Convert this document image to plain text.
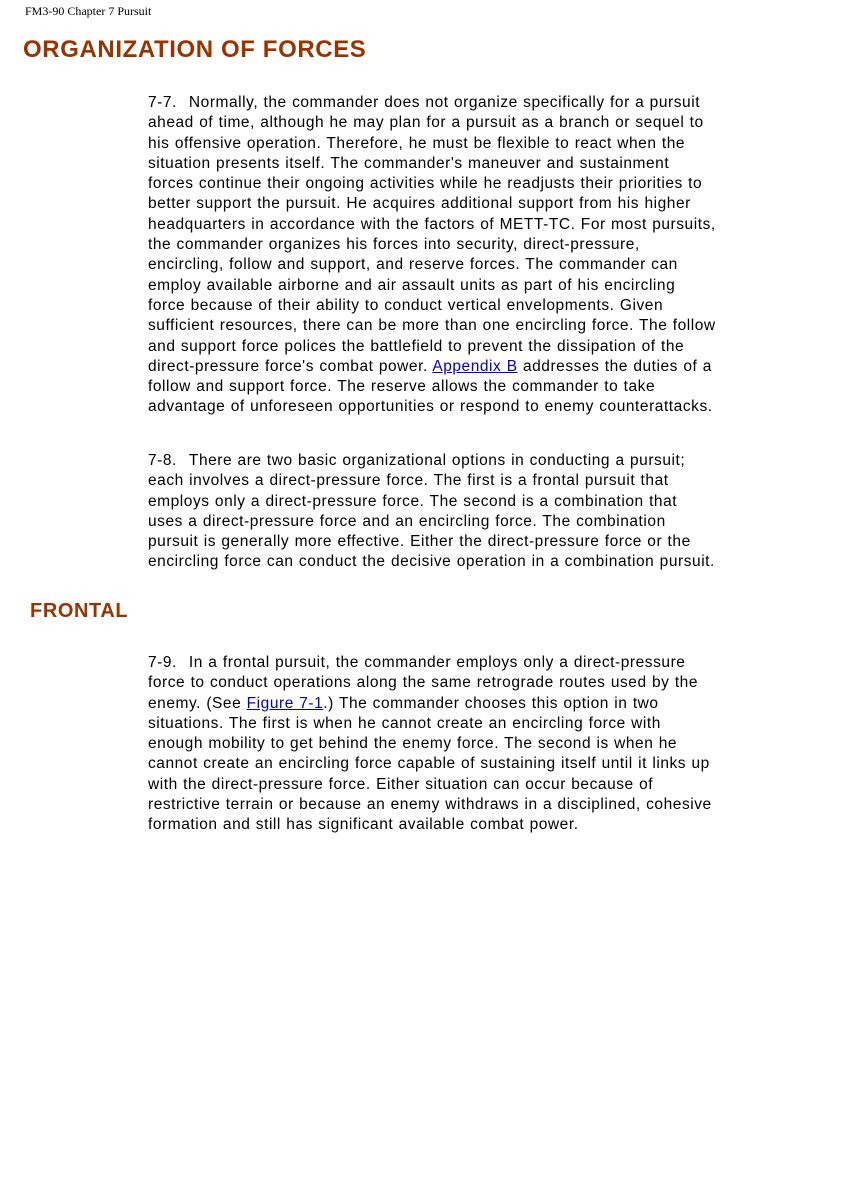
FM3-90 Chapter 7 Pursuit
ORGANIZATION OF FORCES

7-7. Normally, the commander does not organize specifically for a pursuit
ahead of time, although he may plan for a pursuit as a branch or sequel to
his offensive operation. Therefore, he must be flexible to react when the
situation presents itself. The commander's maneuver and sustainment
forces continue their ongoing activities while he readjusts their priorities to
better support the pursuit. He acquires additional support from his higher
headquarters in accordance with the factors of METT-TC. For most pursuits,
the commander organizes his forces into security, direct-pressure,
encircling, follow and support, and reserve forces. The commander can
employ available airborne and air assault units as part of his encircling
force because of their ability to conduct vertical envelopments. Given
sufficient resources, there can be more than one encircling force. The follow
and support force polices the battlefield to prevent the dissipation of the
direct-pressure force's combat power. Appendix B addresses the duties of a
follow and support force. The reserve allows the commander to take
advantage of unforeseen opportunities or respond to enemy counterattacks.

7-8. There are two basic organizational options in conducting a pursuit;
each involves a direct-pressure force. The first is a frontal pursuit that
employs only a direct-pressure force. The second is a combination that
uses a direct-pressure force and an encircling force. The combination
pursuit is generally more effective. Either the direct-pressure force or the
encircling force can conduct the decisive operation in a combination pursuit.

FRONTAL

7-9. In a frontal pursuit, the commander employs only a direct-pressure
force to conduct operations along the same retrograde routes used by the
enemy. (See Figure 7-1.) The commander chooses this option in two
situations. The first is when he cannot create an encircling force with
enough mobility to get behind the enemy force. The second is when he
cannot create an encircling force capable of sustaining itself until it links up
with the direct-pressure force. Either situation can occur because of
restrictive terrain or because an enemy withdraws in a disciplined, cohesive
formation and still has significant available combat power.
